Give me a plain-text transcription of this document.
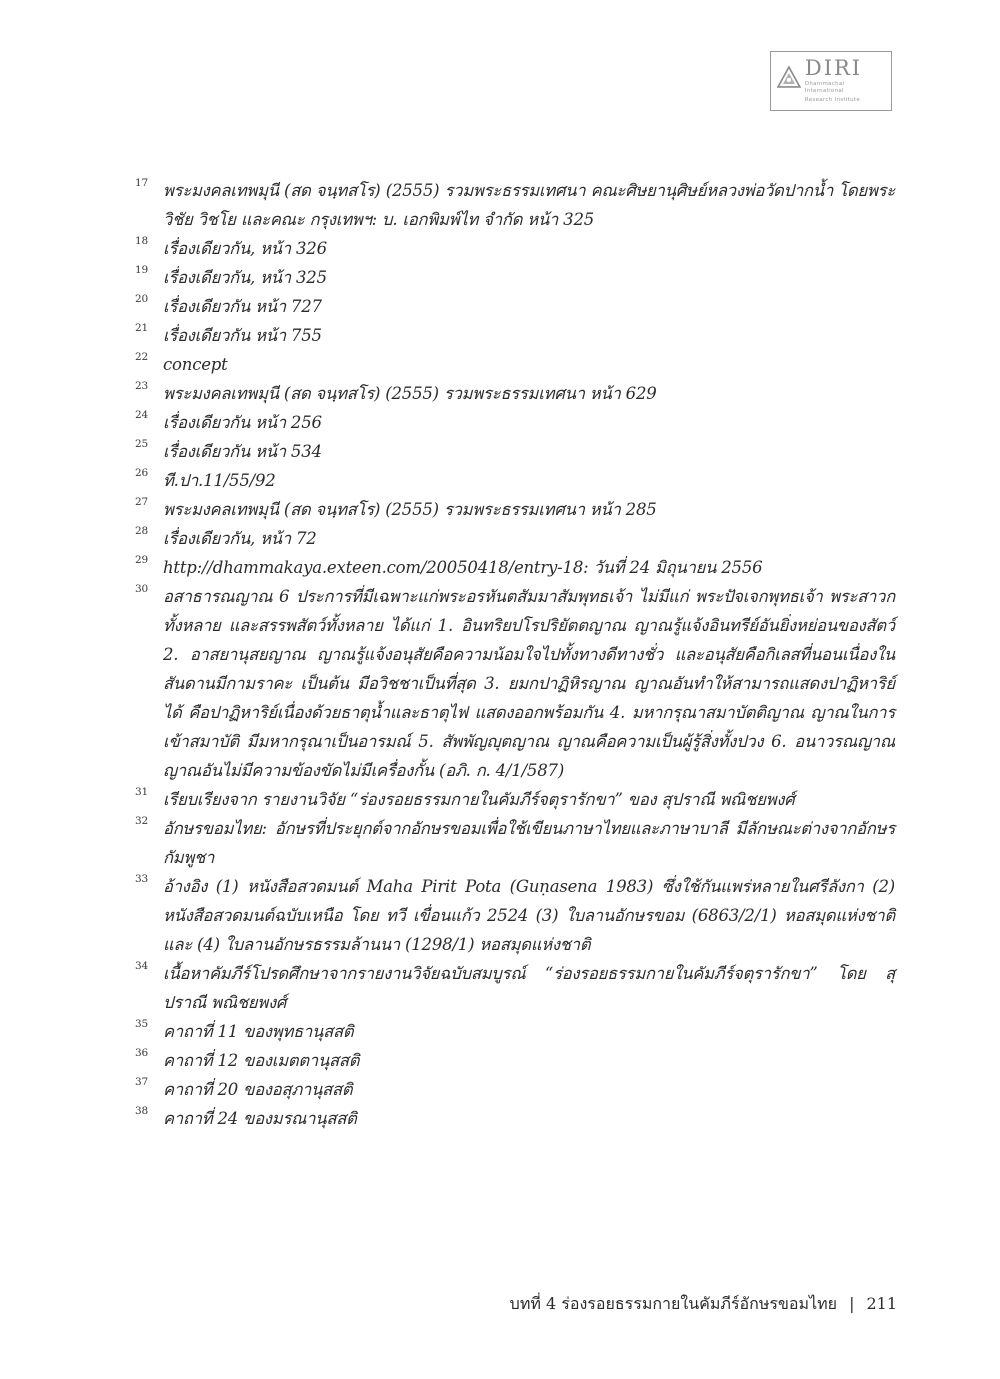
DIRI
Dhammachai International
Research Institute
17 พระมงคลเทพมุนี (สด จนฺทสโร) (2555) รวมพระธรรมเทศนา คณะศิษยานุศิษย์หลวงพ่อวัดปากน้ำ โดยพระวิชัย วิชโย และคณะ กรุงเทพฯ: บ. เอกพิมพ์ไท จำกัด หน้า 325
18 เรื่องเดียวกัน, หน้า 326
19 เรื่องเดียวกัน, หน้า 325
20 เรื่องเดียวกัน หน้า 727
21 เรื่องเดียวกัน หน้า 755
22 concept
23 พระมงคลเทพมุนี (สด จนฺทสโร) (2555) รวมพระธรรมเทศนา หน้า 629
24 เรื่องเดียวกัน หน้า 256
25 เรื่องเดียวกัน หน้า 534
26 ที.ปา.11/55/92
27 พระมงคลเทพมุนี (สด จนฺทสโร) (2555) รวมพระธรรมเทศนา หน้า 285
28 เรื่องเดียวกัน, หน้า 72
29 http://dhammakaya.exteen.com/20050418/entry-18: วันที่ 24 มิถุนายน 2556
30 อสาธารณญาณ 6 ประการที่มีเฉพาะแก่พระอรหันตสัมมาสัมพุทธเจ้า ไม่มีแก่ พระปัจเจกพุทธเจ้า พระสาวกทั้งหลาย และสรรพสัตว์ทั้งหลาย ได้แก่ 1. อินทริยปโรปริยัตตญาณ ญาณรู้แจ้งอินทรีย์อันยิ่งหย่อนของสัตว์ 2. อาสยานุสยญาณ ญาณรู้แจ้งอนุสัยคือความน้อมใจไปทั้งทางดีทางชั่ว และอนุสัยคือกิเลสที่นอนเนื่องในสันดานมีกามราคะ เป็นต้น มีอวิชชาเป็นที่สุด 3. ยมกปาฏิหิรญาณ ญาณอันทำให้สามารถแสดงปาฏิหาริย์ได้ คือปาฏิหาริย์เนื่องด้วยธาตุน้ำและธาตุไฟ แสดงออกพร้อมกัน 4. มหากรุณาสมาบัตติญาณ ญาณในการเข้าสมาบัติ มีมหากรุณาเป็นอารมณ์ 5. สัพพัญญุตญาณ ญาณคือความเป็นผู้รู้สิ่งทั้งปวง 6. อนาวรณญาณ ญาณอันไม่มีความข้องขัดไม่มีเครื่องกั้น (อภิ. ก. 4/1/587)
31 เรียบเรียงจาก รายงานวิจัย “ร่องรอยธรรมกายในคัมภีร์จตุรารักขา” ของ สุปราณี พณิชยพงศ์
32 อักษรขอมไทย: อักษรที่ประยุกต์จากอักษรขอมเพื่อใช้เขียนภาษาไทยและภาษาบาลี มีลักษณะต่างจากอักษรกัมพูชา
33 อ้างอิง (1) หนังสือสวดมนต์ Maha Pirit Pota (Guṇasena 1983) ซึ่งใช้กันแพร่หลายในศรีลังกา (2) หนังสือสวดมนต์ฉบับเหนือ โดย ทวี เขื่อนแก้ว 2524 (3) ใบลานอักษรขอม (6863/2/1) หอสมุดแห่งชาติ และ (4) ใบลานอักษรธรรมล้านนา (1298/1) หอสมุดแห่งชาติ
34 เนื้อหาคัมภีร์โปรดศึกษาจากรายงานวิจัยฉบับสมบูรณ์ “ร่องรอยธรรมกายในคัมภีร์จตุรารักขา” โดย สุปราณี พณิชยพงศ์
35 คาถาที่ 11 ของพุทธานุสสติ
36 คาถาที่ 12 ของเมตตานุสสติ
37 คาถาที่ 20 ของอสุภานุสสติ
38 คาถาที่ 24 ของมรณานุสสติ
บทที่ 4 ร่องรอยธรรมกายในคัมภีร์อักษรขอมไทย | 211
